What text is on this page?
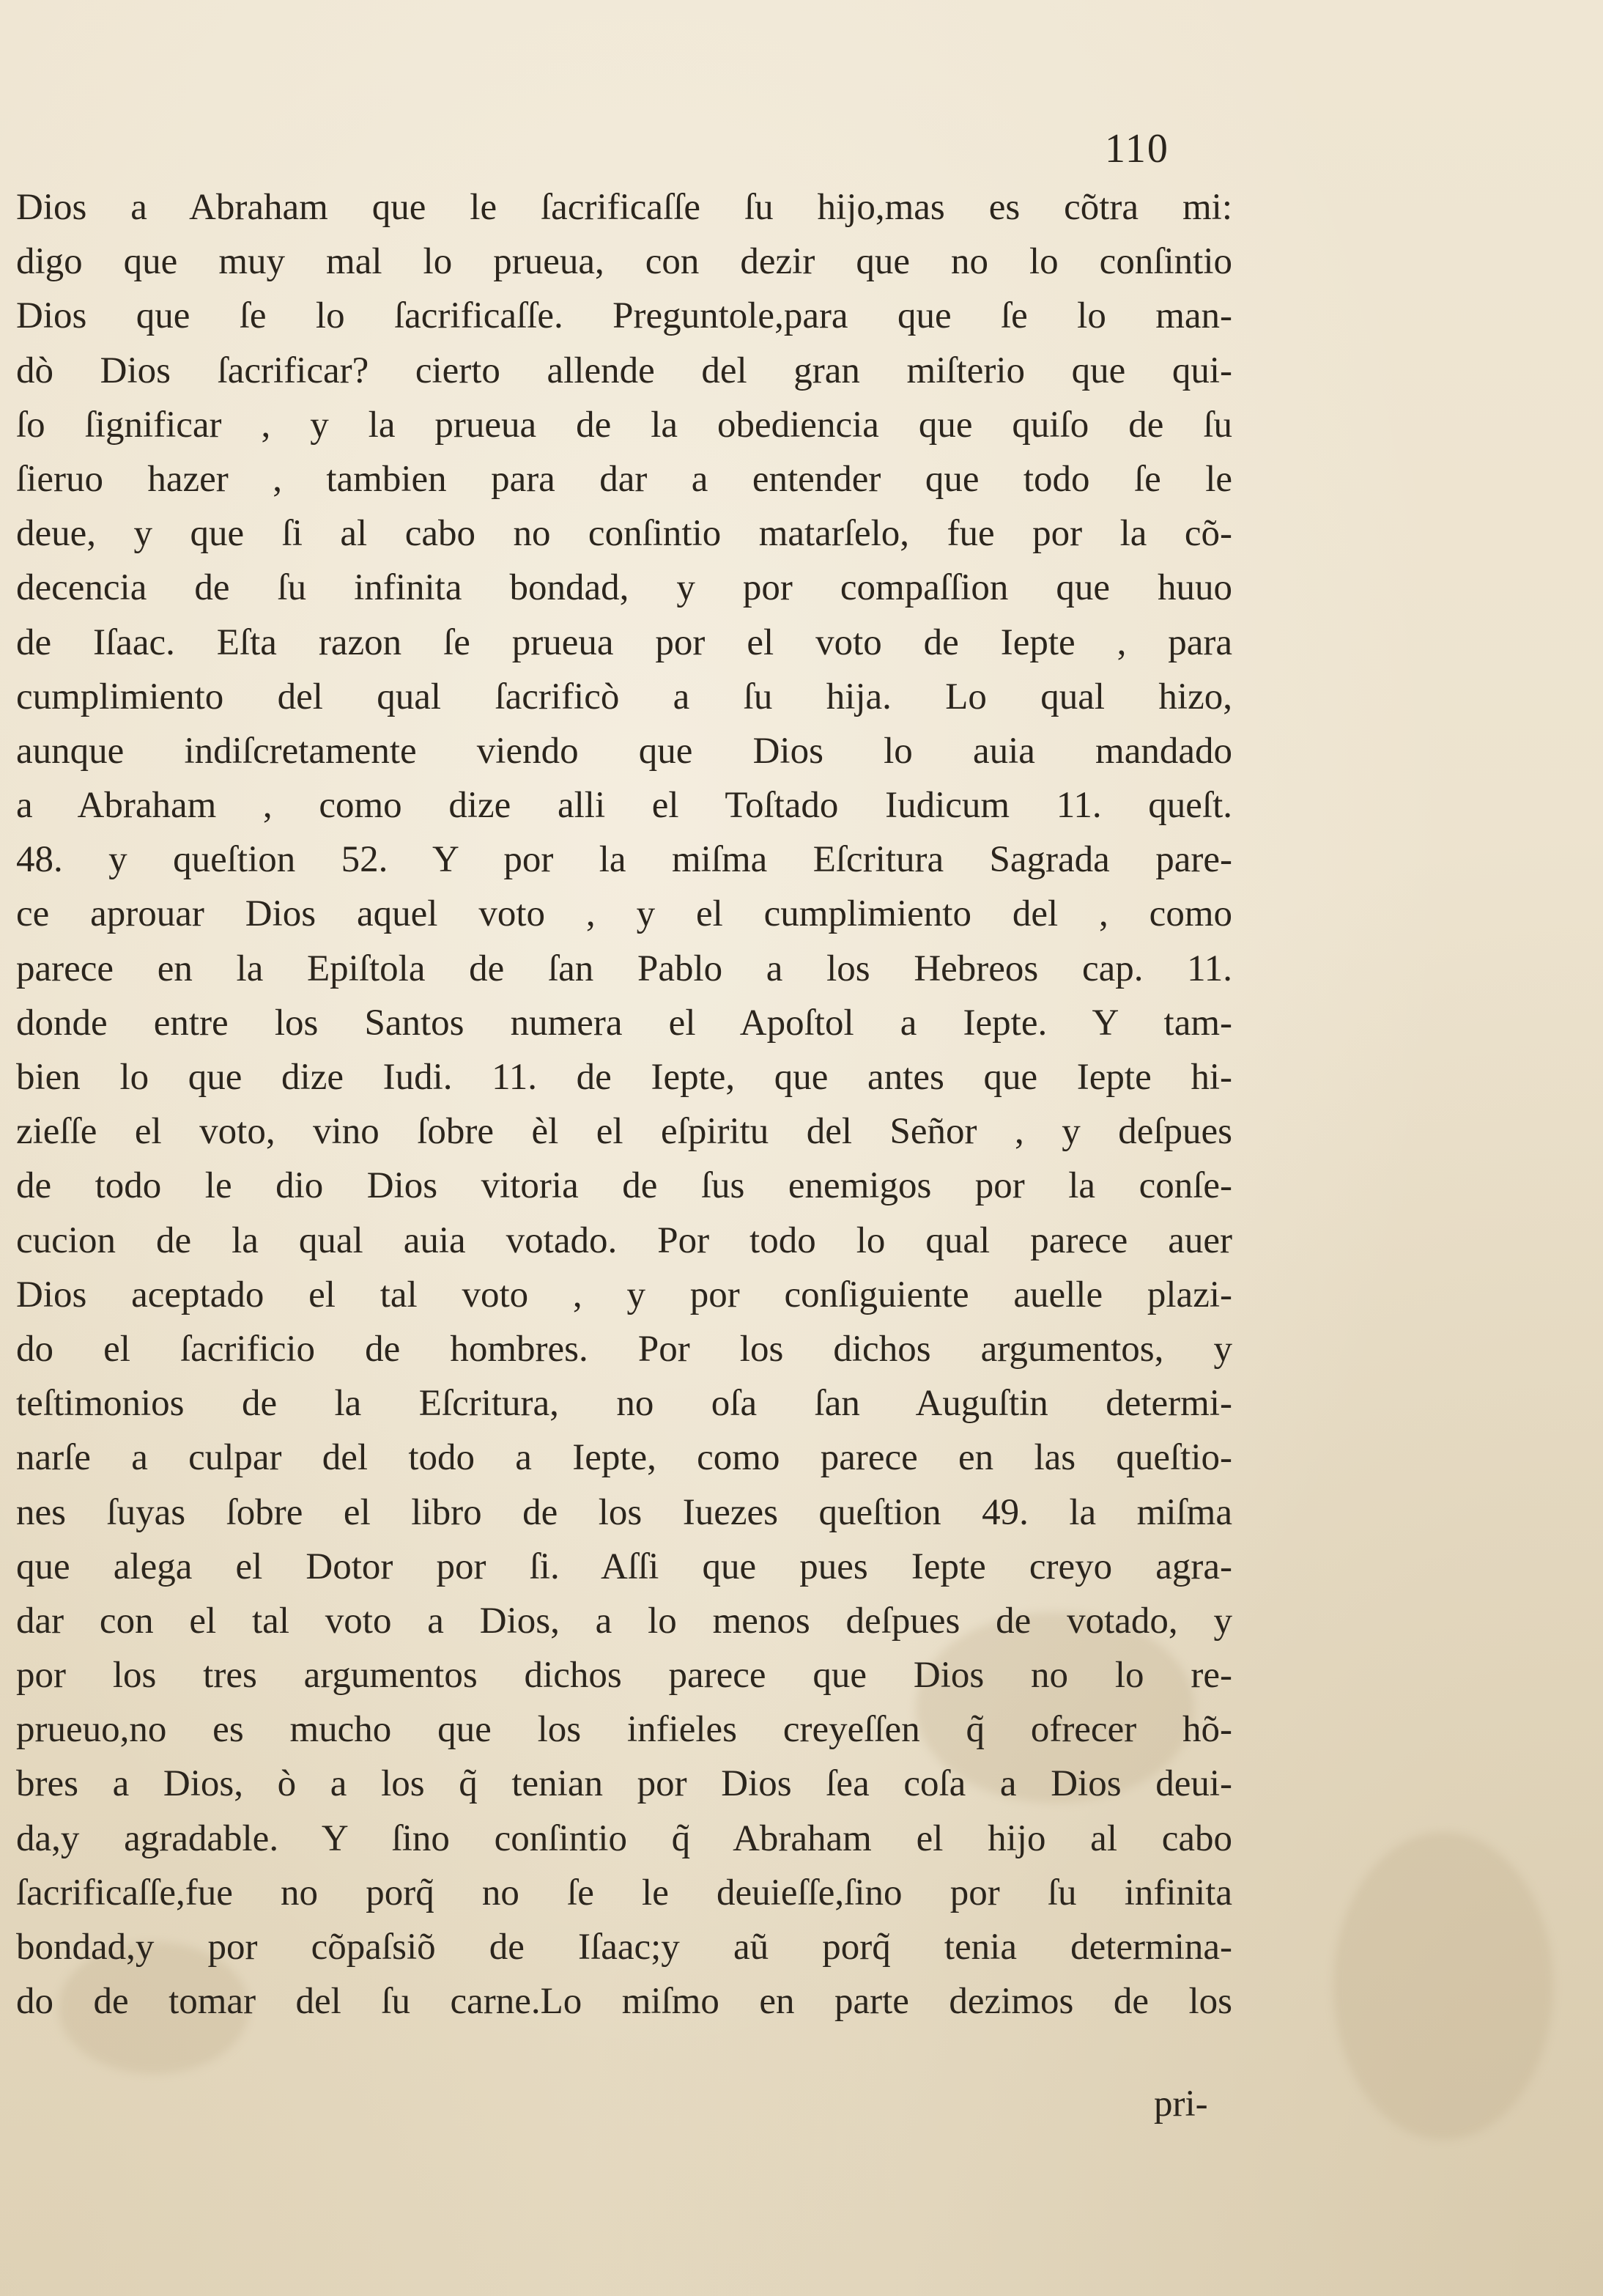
110
Dios a Abraham que le ſacrificaſſe ſu hijo,mas es cõtra mi:
digo que muy mal lo prueua, con dezir que no lo conſintio
Dios que ſe lo ſacrificaſſe. Preguntole,para que ſe lo man-
dò Dios ſacrificar? cierto allende del gran miſterio que qui-
ſo ſignificar , y la prueua de la obediencia que quiſo de ſu
ſieruo hazer , tambien para dar a entender que todo ſe le
deue, y que ſi al cabo no conſintio matarſelo, fue por la cõ-
decencia de ſu infinita bondad, y por compaſſion que huuo
de Iſaac. Eſta razon ſe prueua por el voto de Iepte , para
cumplimiento del qual ſacrificò a ſu hija. Lo qual hizo,
aunque indiſcretamente viendo que Dios lo auia mandado
a Abraham , como dize alli el Toſtado Iudicum 11. queſt.
48. y queſtion 52. Y por la miſma Eſcritura Sagrada pare-
ce aprouar Dios aquel voto , y el cumplimiento del , como
parece en la Epiſtola de ſan Pablo a los Hebreos cap. 11.
donde entre los Santos numera el Apoſtol a Iepte. Y tam-
bien lo que dize Iudi. 11. de Iepte, que antes que Iepte hi-
zieſſe el voto, vino ſobre èl el eſpiritu del Señor , y deſpues
de todo le dio Dios vitoria de ſus enemigos por la conſe-
cucion de la qual auia votado. Por todo lo qual parece auer
Dios aceptado el tal voto , y por conſiguiente auelle plazi-
do el ſacrificio de hombres. Por los dichos argumentos, y
teſtimonios de la Eſcritura, no oſa ſan Auguſtin determi-
narſe a culpar del todo a Iepte, como parece en las queſtio-
nes ſuyas ſobre el libro de los Iuezes queſtion 49. la miſma
que alega el Dotor por ſi. Aſſi que pues Iepte creyo agra-
dar con el tal voto a Dios, a lo menos deſpues de votado, y
por los tres argumentos dichos parece que Dios no lo re-
prueuo,no es mucho que los infieles creyeſſen q̃ ofrecer hõ-
bres a Dios, ò a los q̃ tenian por Dios ſea coſa a Dios deui-
da,y agradable. Y ſino conſintio q̃ Abraham el hijo al cabo
ſacrificaſſe,fue no porq̃ no ſe le deuieſſe,ſino por ſu infinita
bondad,y por cõpaſsiõ de Iſaac;y aũ porq̃ tenia determina-
do de tomar del ſu carne.Lo miſmo en parte dezimos de los
pri-
